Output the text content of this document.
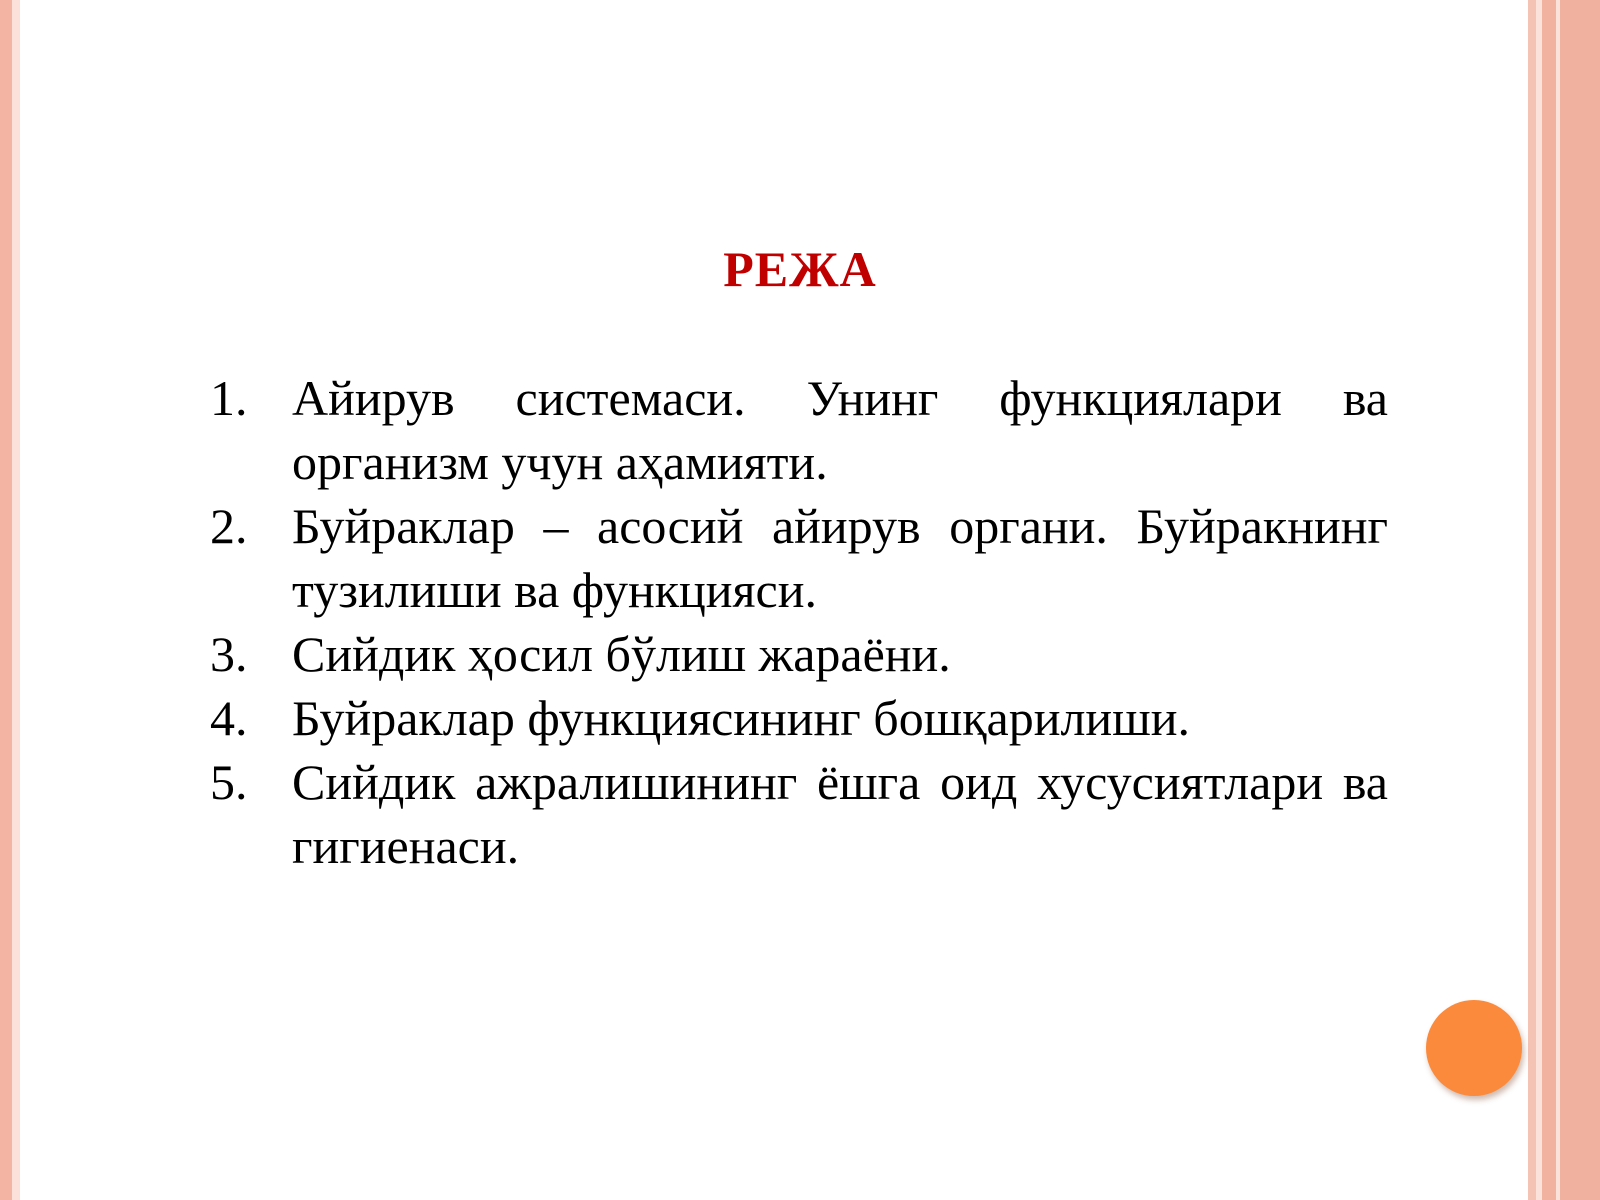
РЕЖА
1. Айирув системаси. Унинг функциялари ва организм учун аҳамияти.
2. Буйраклар – асосий айирув органи. Буйракнинг тузилиши ва функцияси.
3. Сийдик ҳосил бўлиш жараёни.
4. Буйраклар функциясининг бошқарилиши.
5. Сийдик ажралишининг ёшга оид хусусиятлари ва гигиенаси.
